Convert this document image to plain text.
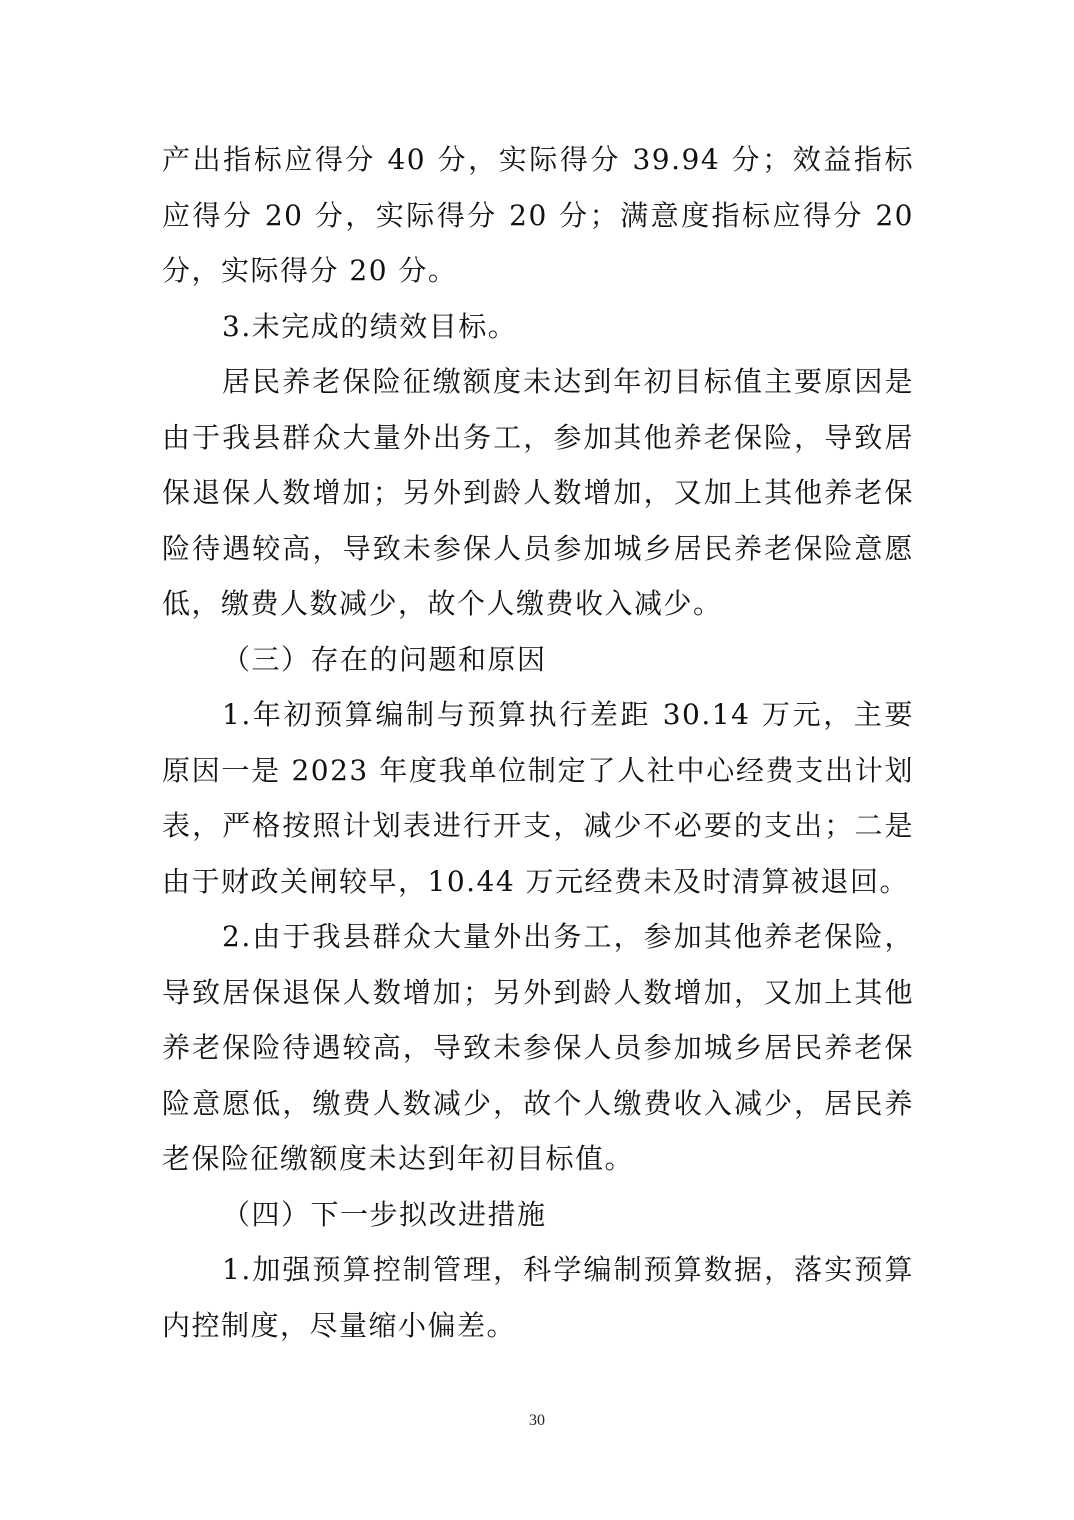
产出指标应得分 40 分，实际得分 39.94 分；效益指标应得分 20 分，实际得分 20 分；满意度指标应得分 20 分，实际得分 20 分。

3.未完成的绩效目标。

居民养老保险征缴额度未达到年初目标值主要原因是由于我县群众大量外出务工，参加其他养老保险，导致居保退保人数增加；另外到龄人数增加，又加上其他养老保险待遇较高，导致未参保人员参加城乡居民养老保险意愿低，缴费人数减少，故个人缴费收入减少。

（三）存在的问题和原因

1.年初预算编制与预算执行差距 30.14 万元，主要原因一是 2023 年度我单位制定了人社中心经费支出计划表，严格按照计划表进行开支，减少不必要的支出；二是由于财政关闸较早，10.44 万元经费未及时清算被退回。

2.由于我县群众大量外出务工，参加其他养老保险，导致居保退保人数增加；另外到龄人数增加，又加上其他养老保险待遇较高，导致未参保人员参加城乡居民养老保险意愿低，缴费人数减少，故个人缴费收入减少，居民养老保险征缴额度未达到年初目标值。

（四）下一步拟改进措施

1.加强预算控制管理，科学编制预算数据，落实预算内控制度，尽量缩小偏差。

30
